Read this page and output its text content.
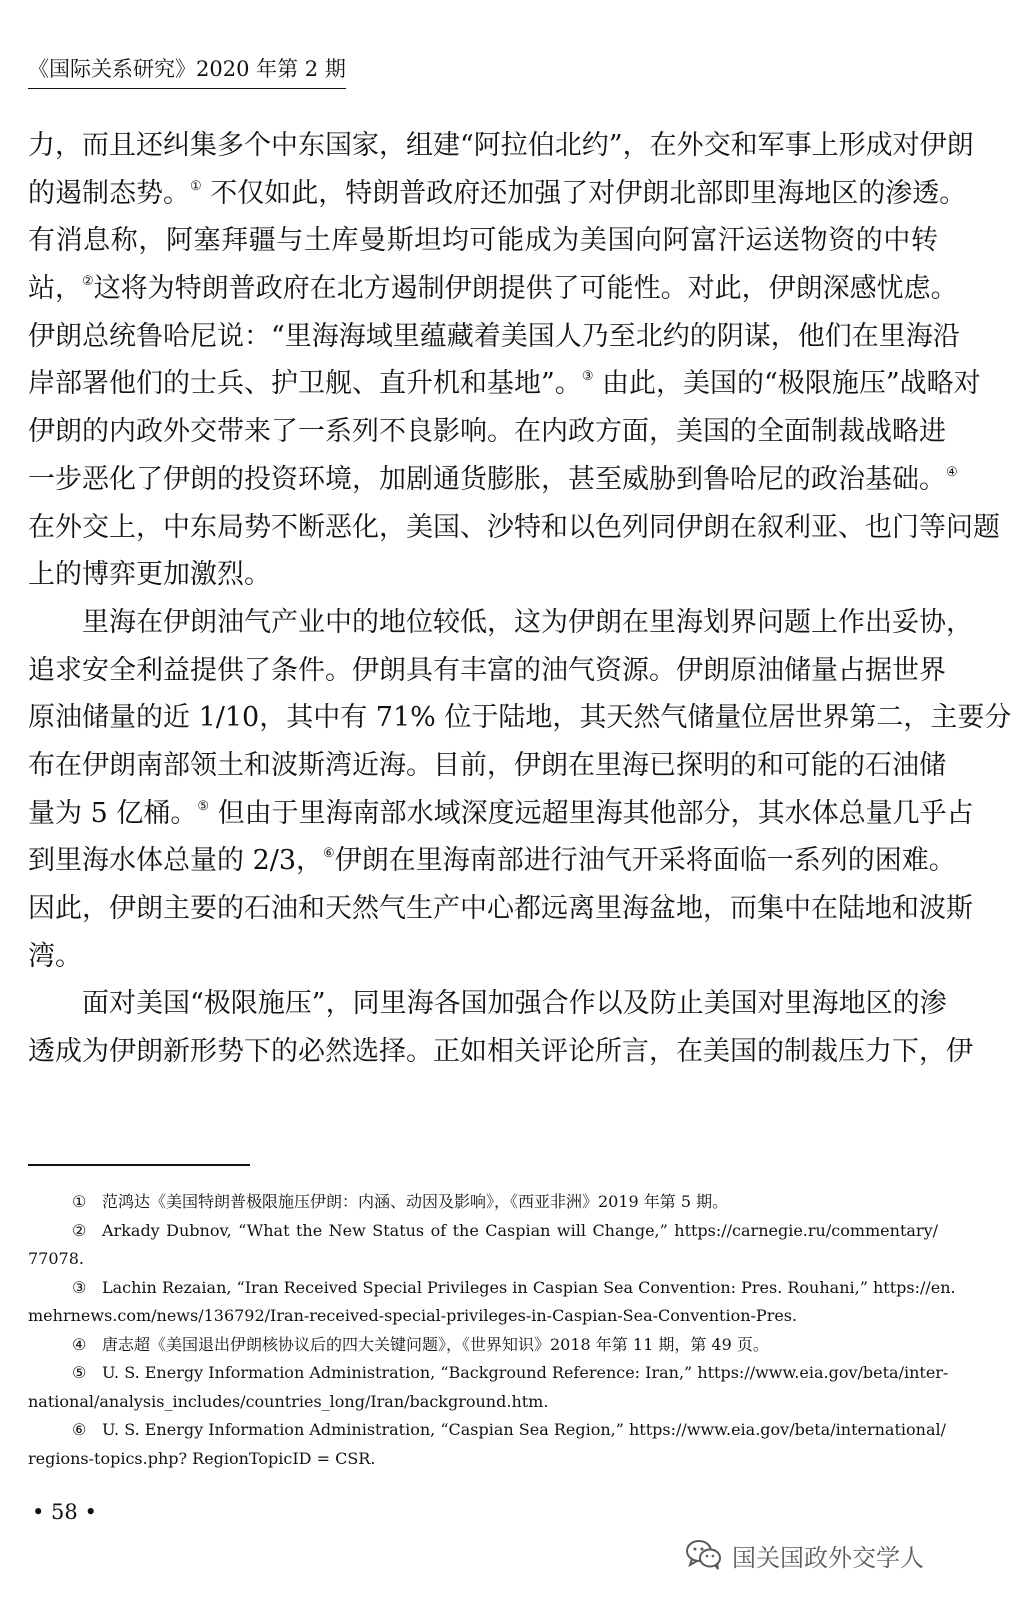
《国际关系研究》2020 年第 2 期
力，而且还纠集多个中东国家，组建“阿拉伯北约”，在外交和军事上形成对伊朗
的遏制态势。① 不仅如此，特朗普政府还加强了对伊朗北部即里海地区的渗透。
有消息称，阿塞拜疆与土库曼斯坦均可能成为美国向阿富汗运送物资的中转
站，②这将为特朗普政府在北方遏制伊朗提供了可能性。对此，伊朗深感忧虑。
伊朗总统鲁哈尼说：“里海海域里蕴藏着美国人乃至北约的阴谋，他们在里海沿
岸部署他们的士兵、护卫舰、直升机和基地”。③ 由此，美国的“极限施压”战略对
伊朗的内政外交带来了一系列不良影响。在内政方面，美国的全面制裁战略进
一步恶化了伊朗的投资环境，加剧通货膨胀，甚至威胁到鲁哈尼的政治基础。④
在外交上，中东局势不断恶化，美国、沙特和以色列同伊朗在叙利亚、也门等问题
上的博弈更加激烈。
里海在伊朗油气产业中的地位较低，这为伊朗在里海划界问题上作出妥协，
追求安全利益提供了条件。伊朗具有丰富的油气资源。伊朗原油储量占据世界
原油储量的近 1/10，其中有 71% 位于陆地，其天然气储量位居世界第二，主要分
布在伊朗南部领土和波斯湾近海。目前，伊朗在里海已探明的和可能的石油储
量为 5 亿桶。⑤ 但由于里海南部水域深度远超里海其他部分，其水体总量几乎占
到里海水体总量的 2/3，⑥伊朗在里海南部进行油气开采将面临一系列的困难。
因此，伊朗主要的石油和天然气生产中心都远离里海盆地，而集中在陆地和波斯
湾。
面对美国“极限施压”，同里海各国加强合作以及防止美国对里海地区的渗
透成为伊朗新形势下的必然选择。正如相关评论所言，在美国的制裁压力下，伊
① 范鸿达《美国特朗普极限施压伊朗：内涵、动因及影响》，《西亚非洲》2019 年第 5 期。
② Arkady Dubnov, “What the New Status of the Caspian will Change,” https://carnegie.ru/commentary/
77078.
③ Lachin Rezaian, “Iran Received Special Privileges in Caspian Sea Convention: Pres. Rouhani,” https://en.
mehrnews.com/news/136792/Iran-received-special-privileges-in-Caspian-Sea-Convention-Pres.
④ 唐志超《美国退出伊朗核协议后的四大关键问题》，《世界知识》2018 年第 11 期，第 49 页。
⑤ U. S. Energy Information Administration, “Background Reference: Iran,” https://www.eia.gov/beta/inter-
national/analysis_includes/countries_long/Iran/background.htm.
⑥ U. S. Energy Information Administration, “Caspian Sea Region,” https://www.eia.gov/beta/international/
regions-topics.php? RegionTopicID = CSR.
• 58 •
国关国政外交学人
